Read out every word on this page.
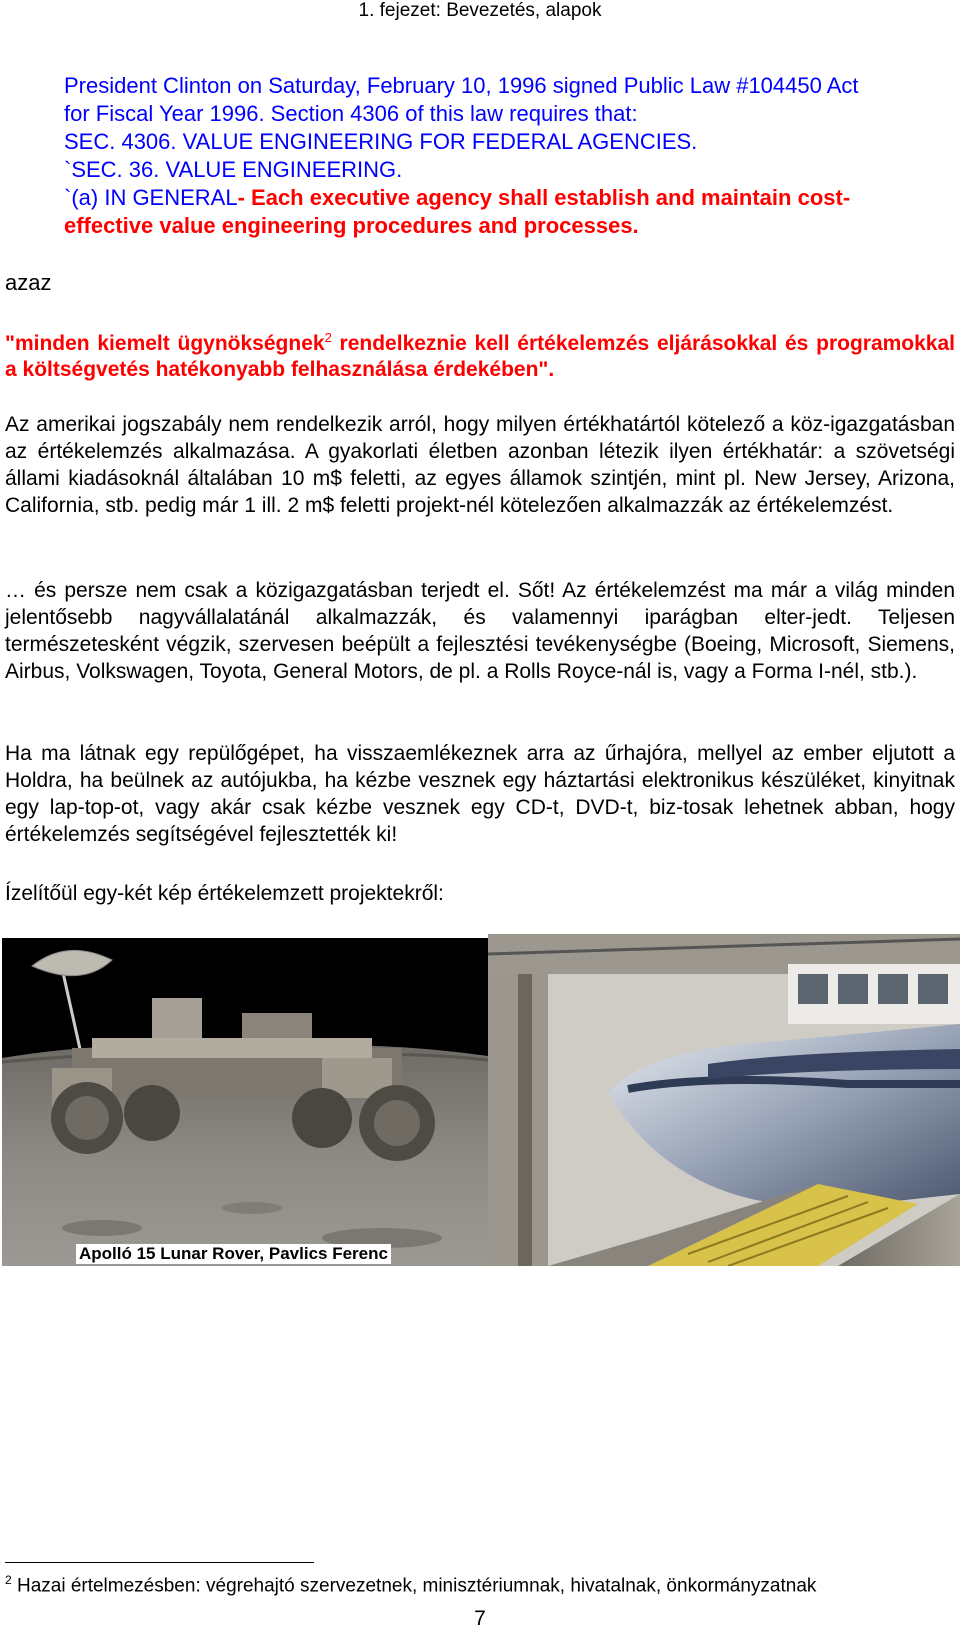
1. fejezet: Bevezetés, alapok
President Clinton on Saturday, February 10, 1996 signed Public Law #104450 Act
for Fiscal Year 1996. Section 4306 of this law requires that:
SEC. 4306. VALUE ENGINEERING FOR FEDERAL AGENCIES.
`SEC. 36. VALUE ENGINEERING.
`(a) IN GENERAL- Each executive agency shall establish and maintain cost-
effective value engineering procedures and processes.
azaz
"minden kiemelt ügynökségnek$^2$ rendelkeznie kell értékelemzés eljárásokkal és programokkal a költségvetés hatékonyabb felhasználása érdekében".
Az amerikai jogszabály nem rendelkezik arról, hogy milyen értékhatártól kötelező a köz-igazgatásban az értékelemzés alkalmazása. A gyakorlati életben azonban létezik ilyen értékhatár: a szövetségi állami kiadásoknál általában 10 m$ feletti, az egyes államok szintjén, mint pl. New Jersey, Arizona, California, stb. pedig már 1 ill. 2 m$ feletti projekt-nél kötelezően alkalmazzák az értékelemzést.
… és persze nem csak a közigazgatásban terjedt el. Sőt! Az értékelemzést ma már a világ minden jelentősebb nagyvállalatánál alkalmazzák, és valamennyi iparágban elter-jedt. Teljesen természetesként végzik, szervesen beépült a fejlesztési tevékenységbe (Boeing, Microsoft, Siemens, Airbus, Volkswagen, Toyota, General Motors, de pl. a Rolls Royce-nál is, vagy a Forma I-nél, stb.).
Ha ma látnak egy repülőgépet, ha visszaemlékeznek arra az űrhajóra, mellyel az ember eljutott a Holdra, ha beülnek az autójukba, ha kézbe vesznek egy háztartási elektronikus készüléket, kinyitnak egy lap-top-ot, vagy akár csak kézbe vesznek egy CD-t, DVD-t, biz-tosak lehetnek abban, hogy értékelemzés segítségével fejlesztették ki!
Ízelítőül egy-két kép értékelemzett projektekről:
Apolló 15 Lunar Rover, Pavlics Ferenc
$^2$ Hazai értelmezésben: végrehajtó szervezetnek, minisztériumnak, hivatalnak, önkormányzatnak
7
